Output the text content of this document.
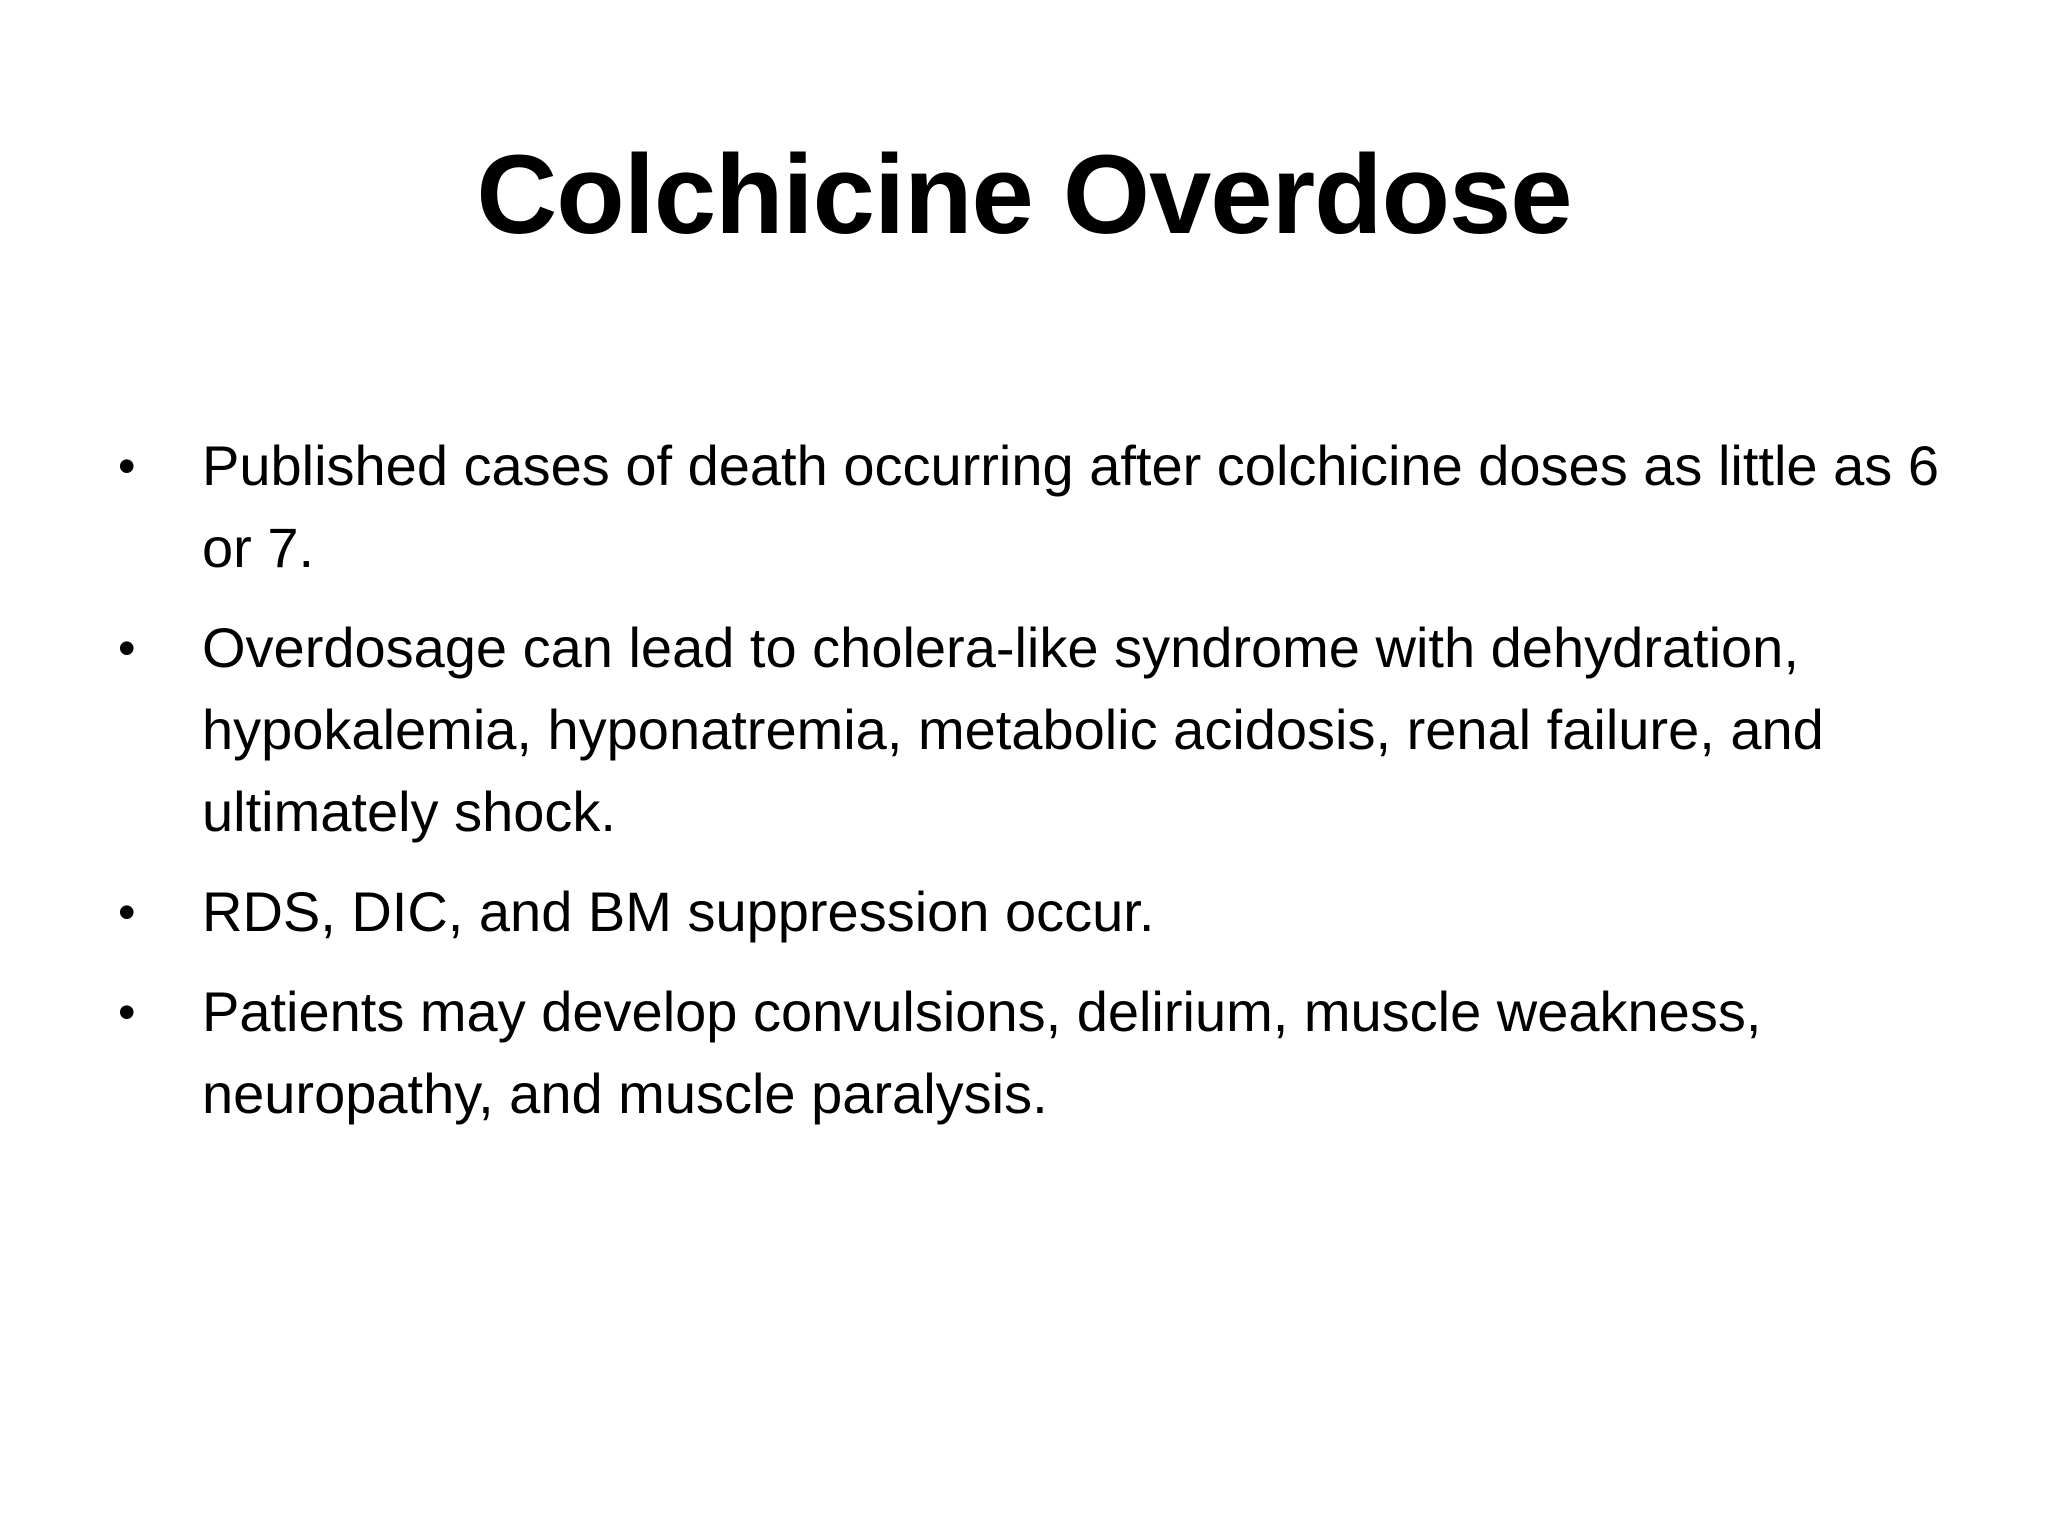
Colchicine Overdose
•	Published cases of death occurring after colchicine doses as little as 6 or 7.
•	Overdosage can lead to cholera-like syndrome with dehydration, hypokalemia, hyponatremia, metabolic acidosis, renal failure, and ultimately shock.
•	RDS, DIC, and BM suppression occur.
•	Patients may develop convulsions, delirium, muscle weakness, neuropathy, and muscle paralysis.
